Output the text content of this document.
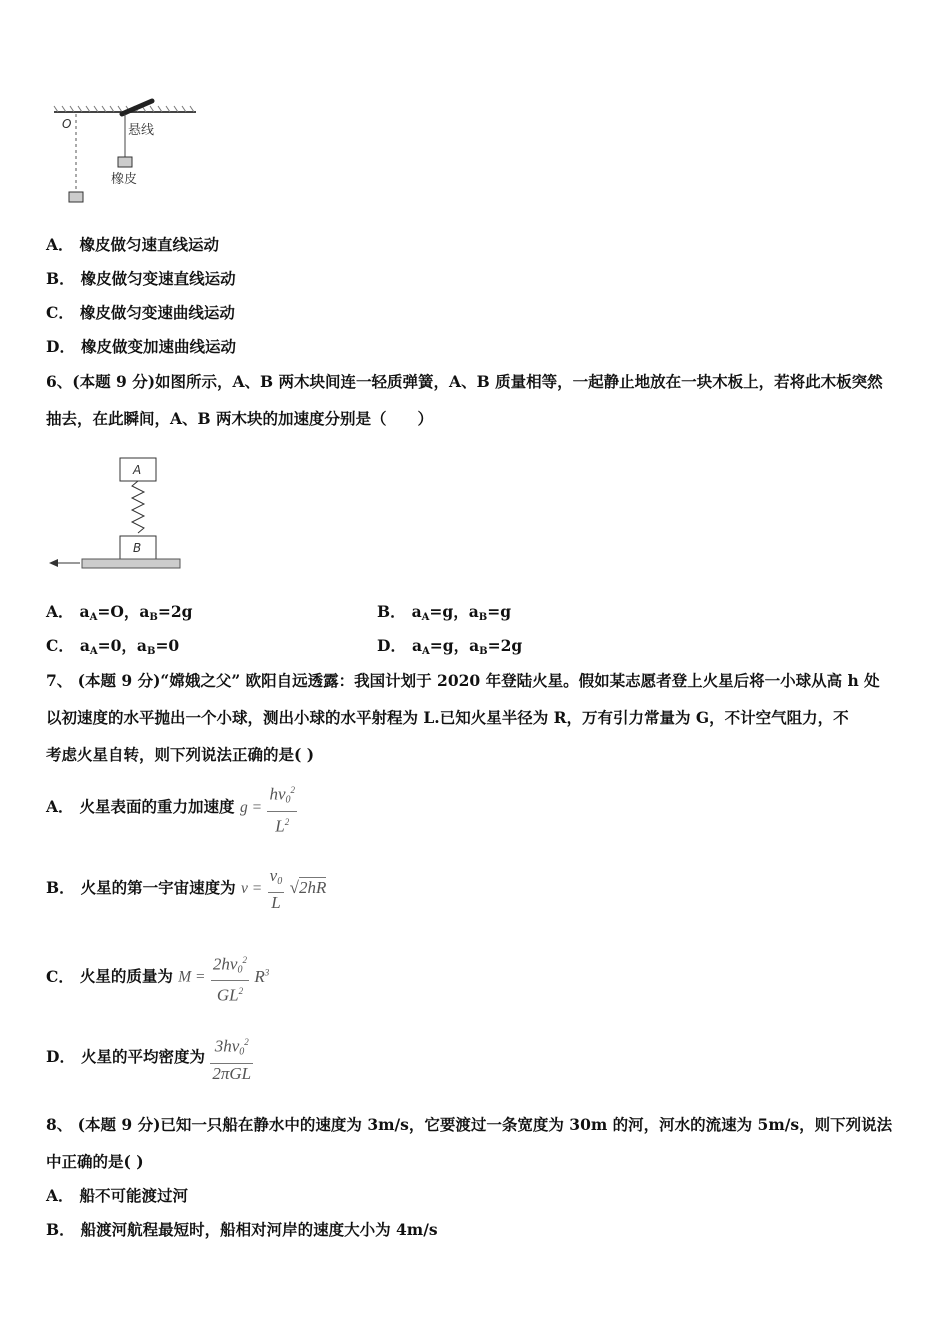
O	悬线
橡皮
A． 橡皮做匀速直线运动
B． 橡皮做匀变速直线运动
C． 橡皮做匀变速曲线运动
D． 橡皮做变加速曲线运动
6、(本题 9 分)如图所示，A、B 两木块间连一轻质弹簧，A、B 质量相等，一起静止地放在一块木板上，若将此木板突然
抽去，在此瞬间，A、B 两木块的加速度分别是（　　）
A
B
A． $a_A=O$，$a_B=2g$	B． $a_A=g$，$a_B=g$
C． $a_A=0$，$a_B=0$	D． $a_A=g$，$a_B=2g$
7、 (本题 9 分)“嫦娥之父” 欧阳自远透露：我国计划于 2020 年登陆火星。假如某志愿者登上火星后将一小球从高 h 处
以初速度的水平抛出一个小球，测出小球的水平射程为 L.已知火星半径为 R，万有引力常量为 G，不计空气阻力，不
考虑火星自转，则下列说法正确的是( )
A． 火星表面的重力加速度 $g = \frac{hv_0^2}{L^2}$
B． 火星的第一宇宙速度为 $v = \frac{v_0}{L} √2hR$
C． 火星的质量为 $M = \frac{2hv_0^2}{GL^2} R^3$
D． 火星的平均密度为 $\frac{3hv_0^2}{\text{2πGL}}$
8、 (本题 9 分)已知一只船在静水中的速度为 3m/s，它要渡过一条宽度为 30m 的河，河水的流速为 5m/s，则下列说法
中正确的是( )
A． 船不可能渡过河
B． 船渡河航程最短时，船相对河岸的速度大小为 4m/s
